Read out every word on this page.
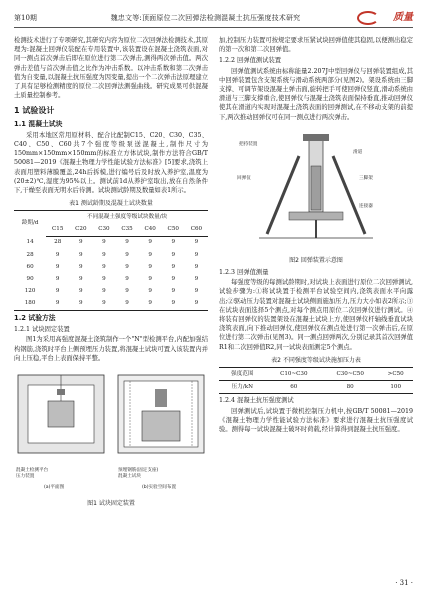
第10期	魏忠文等:顶面原位二次回弹法检测混凝土抗压强度技术研究	质量

检测技术进行了专项研究,其研究内容为原位二次回弹法检测技术,其原理为:混凝土回弹仪装配在专用装置中,该装置设在混凝土浇筑表面,对同一测点首次弹击后即在原位进行第二次弹击,测得两次弹击值。两次弹击差值与首次弹击值之比作为冲击系数。以冲击系数和第二次弹击值为自变量,以混凝土抗压强度为因变量,提出一个二次弹击法原理建立了具有足够检测精度的原位二次回弹法测强曲线。研究成果可供混凝土质量控制参考。

1 试验设计
1.1 混凝土试块

采用本地区常用原材料、配合比配制C15、C20、C30、C35、C40、C50、C60共7个强度等级泵送混凝土,制作尺寸为150mm×150mm×150mm的标准立方体试块,制作方法符合GB/T 50081—2019《混凝土物理力学性能试验方法标准》[5]要求,浇筑上表面用塑料薄膜覆盖,24h后拆模,进行编号后及时放入养护室,温度为(20±2)℃,湿度为95%以上。测试前1d从养护室取出,放在自然条件下,干燥至表面无明水后待测。试块测试龄期及数量如表1所示。

表1 测试龄期及混凝土试块数量
龄期/d	不同混凝土强度等级试块数量/块						
	C15	C20	C30	C35	C40	C50	C60
14	28	9	9	9	9	9	9
28	9	9	9	9	9	9	9
60	9	9	9	9	9	9	9
90	9	9	9	9	9	9	9
120	9	9	9	9	9	9	9
180	9	9	9	9	9	9	9
1.2 试验方法
1.2.1 试块固定装置

图1为采用高强度混凝土浇筑制作一个"N"型检测平台,内配加强结构钢筋,浇筑时平台上侧预埋压力装置,将混凝土试块可置入该装置内并向上压稳,平台上表面保持平整。

混凝土检测平台
压力装置
预埋钢筋(固定支座)
混凝土试块
(a)平面图	(b)实验空间布置
图1 试块固定装置

加,控制压力装置可按规定要求压紧试块回弹值使其稳固,以便测出稳定的第一次和第二次回弹值。

1.2.2 回弹值测试装置

回弹值测试系统由标称能量2.207J中型回弹仪与回弹装置组成,其中回弹装置包含支架系统与滑动系统两部分(见图2)。架设系统由三脚支撑、可调节架设混凝土弹击面,旋转把手可使回弹仪竖直,滑动系统由滑道与三脚支撑重合,使回弹仪与混凝土浇筑表面保持垂直,推动回弹仪使其在滑道内实现对混凝土浇筑表面的回弹测试,在不移动支架的前提下,两次推动回弹仪可在同一测点进行两次弹击。

把持装置
回弹仪
滑道
三脚架
连接器
图2 回弹装置示意图
1.2.3 回弹值测量

每强度等级的每测试龄期时,对试块上表面进行原位二次回弹测试,试验步骤为:①将试块置于检测平台试验空间内,浇筑表面水平向露出;②驱动压力装置对混凝土试块侧面施加压力,压力大小如表2所示;③在试块表面选择5个测点,对每个测点用原位二次回弹仪进行测试。④将装有回弹仪的装置架设在混凝土试块上方,使回弹仪杆轴线垂直试块浇筑表面,向下推动回弹仪,使回弹仪在测点处进行第一次弹击后,在原位进行第二次弹击(见图3)。同一测点回弹两次,分别记录其首次回弹值R1和二次回弹值R2,同一试块表面测定5个测点。

表2 不同强度等级试块施加压力表
强度范围	C10~C30	C30~C50	>C50
压力/kN	60	80	100
1.2.4 混凝土抗压强度测试

回弹测试后,试块置于微机控制压力机中,按GB/T 50081—2019《混凝土物理力学性能试验方法标准》要求进行混凝土抗压强度试验。测得每一试块混凝土破坏时荷载,经计算得到混凝土抗压强度。

· 31 ·
